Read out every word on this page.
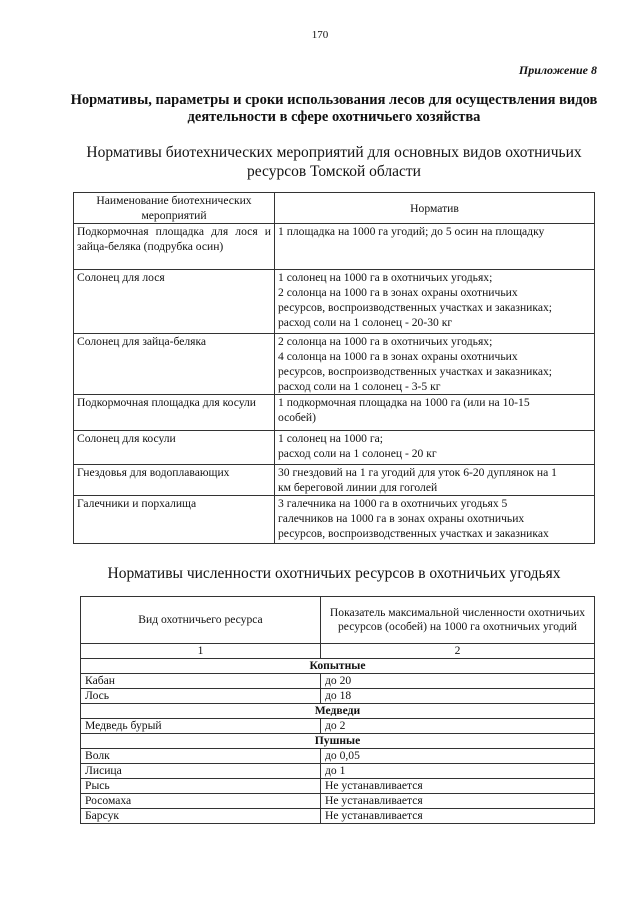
170
Приложение 8
Нормативы, параметры и сроки использования лесов для осуществления видов деятельности в сфере охотничьего хозяйства
Нормативы биотехнических мероприятий для основных видов охотничьих ресурсов Томской области
Наименование биотехнических мероприятий	Норматив
Подкормочная площадка для лося и зайца-беляка (подрубка осин)	1 площадка на 1000 га угодий; до 5 осин на площадку

Солонец для лося	1 солонец на 1000 га в охотничьих угодьях;
2 солонца на 1000 га в зонах охраны охотничьих
ресурсов, воспроизводственных участках и заказниках;
расход соли на 1 солонец - 20-30 кг

Солонец для зайца-беляка	2 солонца на 1000 га в охотничьих угодьях;
4 солонца на 1000 га в зонах охраны охотничьих
ресурсов, воспроизводственных участках и заказниках;
расход соли на 1 солонец - 3-5 кг

Подкормочная площадка для косули	1 подкормочная площадка на 1000 га (или на 10-15
особей)

Солонец для косули	1 солонец на 1000 га;
расход соли на 1 солонец - 20 кг

Гнездовья для водоплавающих	30 гнездовий на 1 га угодий для уток 6-20 дуплянок на 1
км береговой линии для гоголей

Галечники и порхалища	3 галечника на 1000 га в охотничьих угодьях 5
галечников на 1000 га в зонах охраны охотничьих
ресурсов, воспроизводственных участках и заказниках
Нормативы численности охотничьих ресурсов в охотничьих угодьях
Вид охотничьего ресурса	Показатель максимальной численности охотничьих ресурсов (особей) на 1000 га охотничьих угодий
1	2
Копытные	
Кабан	до 20
Лось	до 18
Медведи	
Медведь бурый	до 2
Пушные	
Волк	до 0,05
Лисица	до 1
Рысь	Не устанавливается
Росомаха	Не устанавливается
Барсук	Не устанавливается
